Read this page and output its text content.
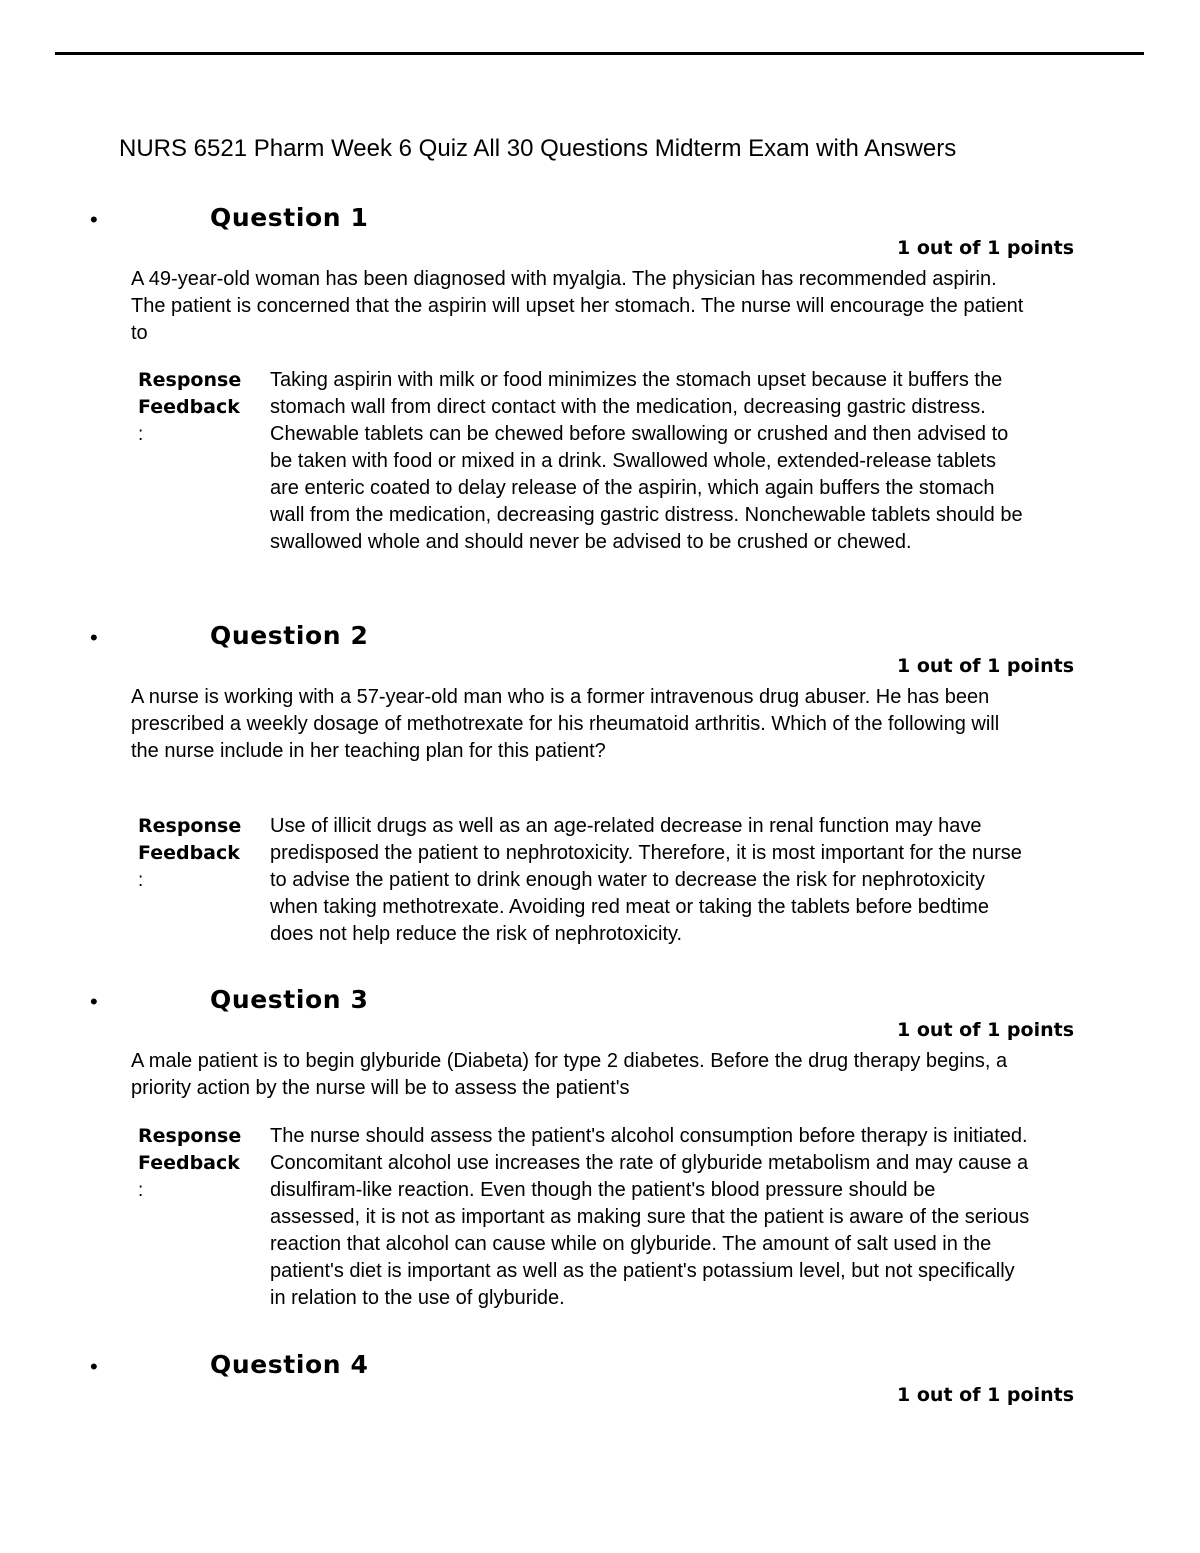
NURS 6521 Pharm Week 6 Quiz All 30 Questions Midterm Exam with Answers
•	Question 1
1 out of 1 points
A 49-year-old woman has been diagnosed with myalgia. The physician has recommended aspirin. The patient is concerned that the aspirin will upset her stomach. The nurse will encourage the patient to
Response
Feedback
:
Taking aspirin with milk or food minimizes the stomach upset because it buffers the stomach wall from direct contact with the medication, decreasing gastric distress. Chewable tablets can be chewed before swallowing or crushed and then advised to be taken with food or mixed in a drink. Swallowed whole, extended-release tablets are enteric coated to delay release of the aspirin, which again buffers the stomach wall from the medication, decreasing gastric distress. Nonchewable tablets should be swallowed whole and should never be advised to be crushed or chewed.
•	Question 2
1 out of 1 points
A nurse is working with a 57-year-old man who is a former intravenous drug abuser. He has been prescribed a weekly dosage of methotrexate for his rheumatoid arthritis. Which of the following will the nurse include in her teaching plan for this patient?
Response
Feedback
:
Use of illicit drugs as well as an age-related decrease in renal function may have predisposed the patient to nephrotoxicity. Therefore, it is most important for the nurse to advise the patient to drink enough water to decrease the risk for nephrotoxicity when taking methotrexate. Avoiding red meat or taking the tablets before bedtime does not help reduce the risk of nephrotoxicity.
•	Question 3
1 out of 1 points
A male patient is to begin glyburide (Diabeta) for type 2 diabetes. Before the drug therapy begins, a priority action by the nurse will be to assess the patient's
Response
Feedback
:
The nurse should assess the patient's alcohol consumption before therapy is initiated. Concomitant alcohol use increases the rate of glyburide metabolism and may cause a disulfiram-like reaction. Even though the patient's blood pressure should be assessed, it is not as important as making sure that the patient is aware of the serious reaction that alcohol can cause while on glyburide. The amount of salt used in the patient's diet is important as well as the patient's potassium level, but not specifically in relation to the use of glyburide.
•	Question 4
1 out of 1 points
